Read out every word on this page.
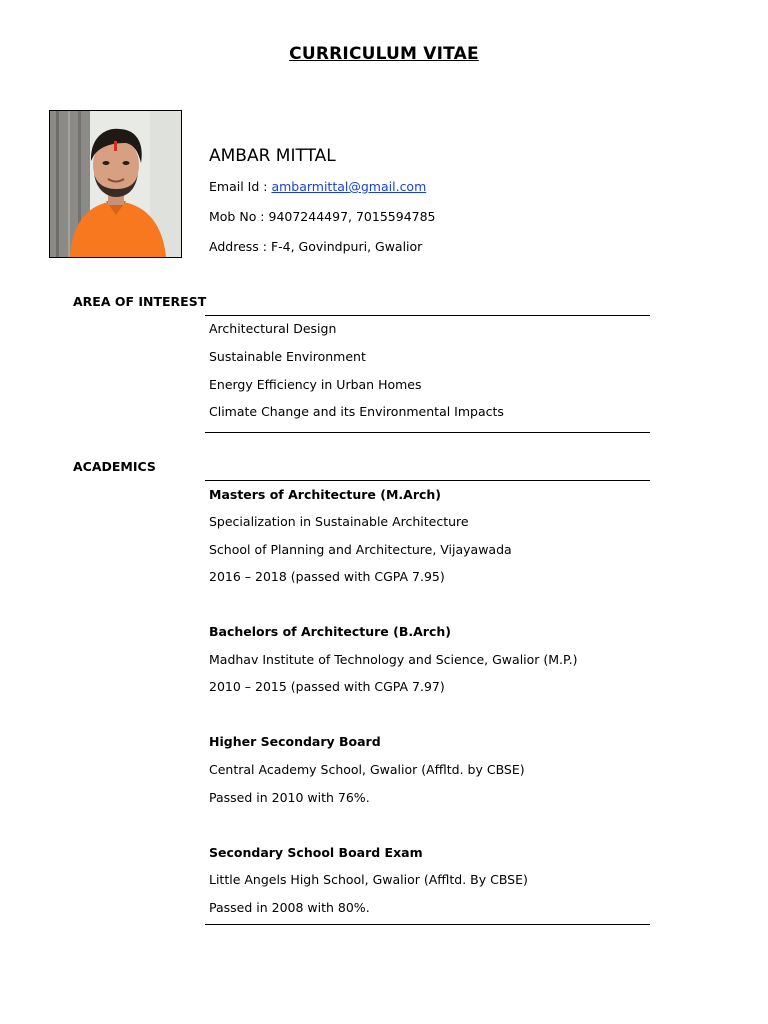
CURRICULUM VITAE
AMBAR MITTAL
Email Id : ambarmittal@gmail.com
Mob No : 9407244497, 7015594785
Address : F-4, Govindpuri, Gwalior
AREA OF INTEREST
Architectural Design
Sustainable Environment
Energy Efficiency in Urban Homes
Climate Change and its Environmental Impacts
ACADEMICS
Masters of Architecture (M.Arch)
Specialization in Sustainable Architecture
School of Planning and Architecture, Vijayawada
2016 – 2018 (passed with CGPA 7.95)
Bachelors of Architecture (B.Arch)
Madhav Institute of Technology and Science, Gwalior (M.P.)
2010 – 2015 (passed with CGPA 7.97)
Higher Secondary Board
Central Academy School, Gwalior (Affltd. by CBSE)
Passed in 2010 with 76%.
Secondary School Board Exam
Little Angels High School, Gwalior (Affltd. By CBSE)
Passed in 2008 with 80%.
